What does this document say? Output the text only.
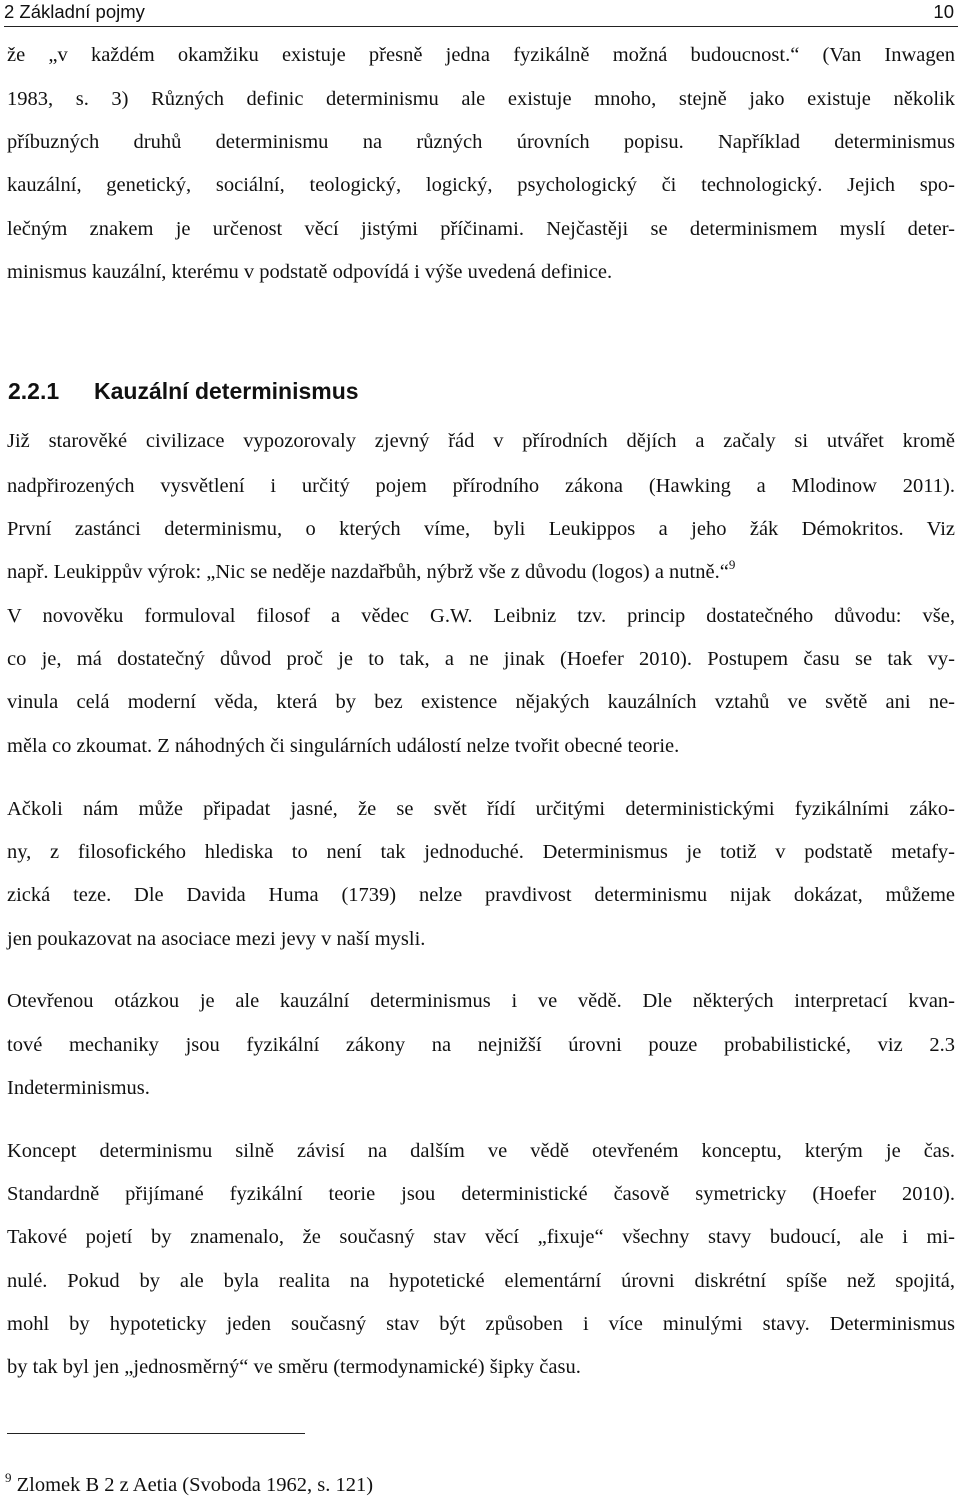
2 Základní pojmy	10
že „v každém okamžiku existuje přesně jedna fyzikálně možná budoucnost.“ (Van Inwagen
1983, s. 3) Různých definic determinismu ale existuje mnoho, stejně jako existuje několik
příbuzných druhů determinismu na různých úrovních popisu. Například determinismus
kauzální, genetický, sociální, teologický, logický, psychologický či technologický. Jejich spo-
lečným znakem je určenost věcí jistými příčinami. Nejčastěji se determinismem myslí deter-
minismus kauzální, kterému v podstatě odpovídá i výše uvedená definice.
2.2.1 Kauzální determinismus
Již starověké civilizace vypozorovaly zjevný řád v přírodních dějích a začaly si utvářet kromě
nadpřirozených vysvětlení i určitý pojem přírodního zákona (Hawking a Mlodinow 2011).
První zastánci determinismu, o kterých víme, byli Leukippos a jeho žák Démokritos. Viz
např. Leukippův výrok: „Nic se neděje nazdařbůh, nýbrž vše z důvodu (logos) a nutně.“$^9$
V novověku formuloval filosof a vědec G.W. Leibniz tzv. princip dostatečného důvodu: vše,
co je, má dostatečný důvod proč je to tak, a ne jinak (Hoefer 2010). Postupem času se tak vy-
vinula celá moderní věda, která by bez existence nějakých kauzálních vztahů ve světě ani ne-
měla co zkoumat. Z náhodných či singulárních událostí nelze tvořit obecné teorie.
Ačkoli nám může připadat jasné, že se svět řídí určitými deterministickými fyzikálními záko-
ny, z filosofického hlediska to není tak jednoduché. Determinismus je totiž v podstatě metafy-
zická teze. Dle Davida Huma (1739) nelze pravdivost determinismu nijak dokázat, můžeme
jen poukazovat na asociace mezi jevy v naší mysli.
Otevřenou otázkou je ale kauzální determinismus i ve vědě. Dle některých interpretací kvan-
tové mechaniky jsou fyzikální zákony na nejnižší úrovni pouze probabilistické, viz 2.3
Indeterminismus.
Koncept determinismu silně závisí na dalším ve vědě otevřeném konceptu, kterým je čas.
Standardně přijímané fyzikální teorie jsou deterministické časově symetricky (Hoefer 2010).
Takové pojetí by znamenalo, že současný stav věcí „fixuje“ všechny stavy budoucí, ale i mi-
nulé. Pokud by ale byla realita na hypotetické elementární úrovni diskrétní spíše než spojitá,
mohl by hypoteticky jeden současný stav být způsoben i více minulými stavy. Determinismus
by tak byl jen „jednosměrný“ ve směru (termodynamické) šipky času.
$^9$ Zlomek B 2 z Aetia (Svoboda 1962, s. 121)
